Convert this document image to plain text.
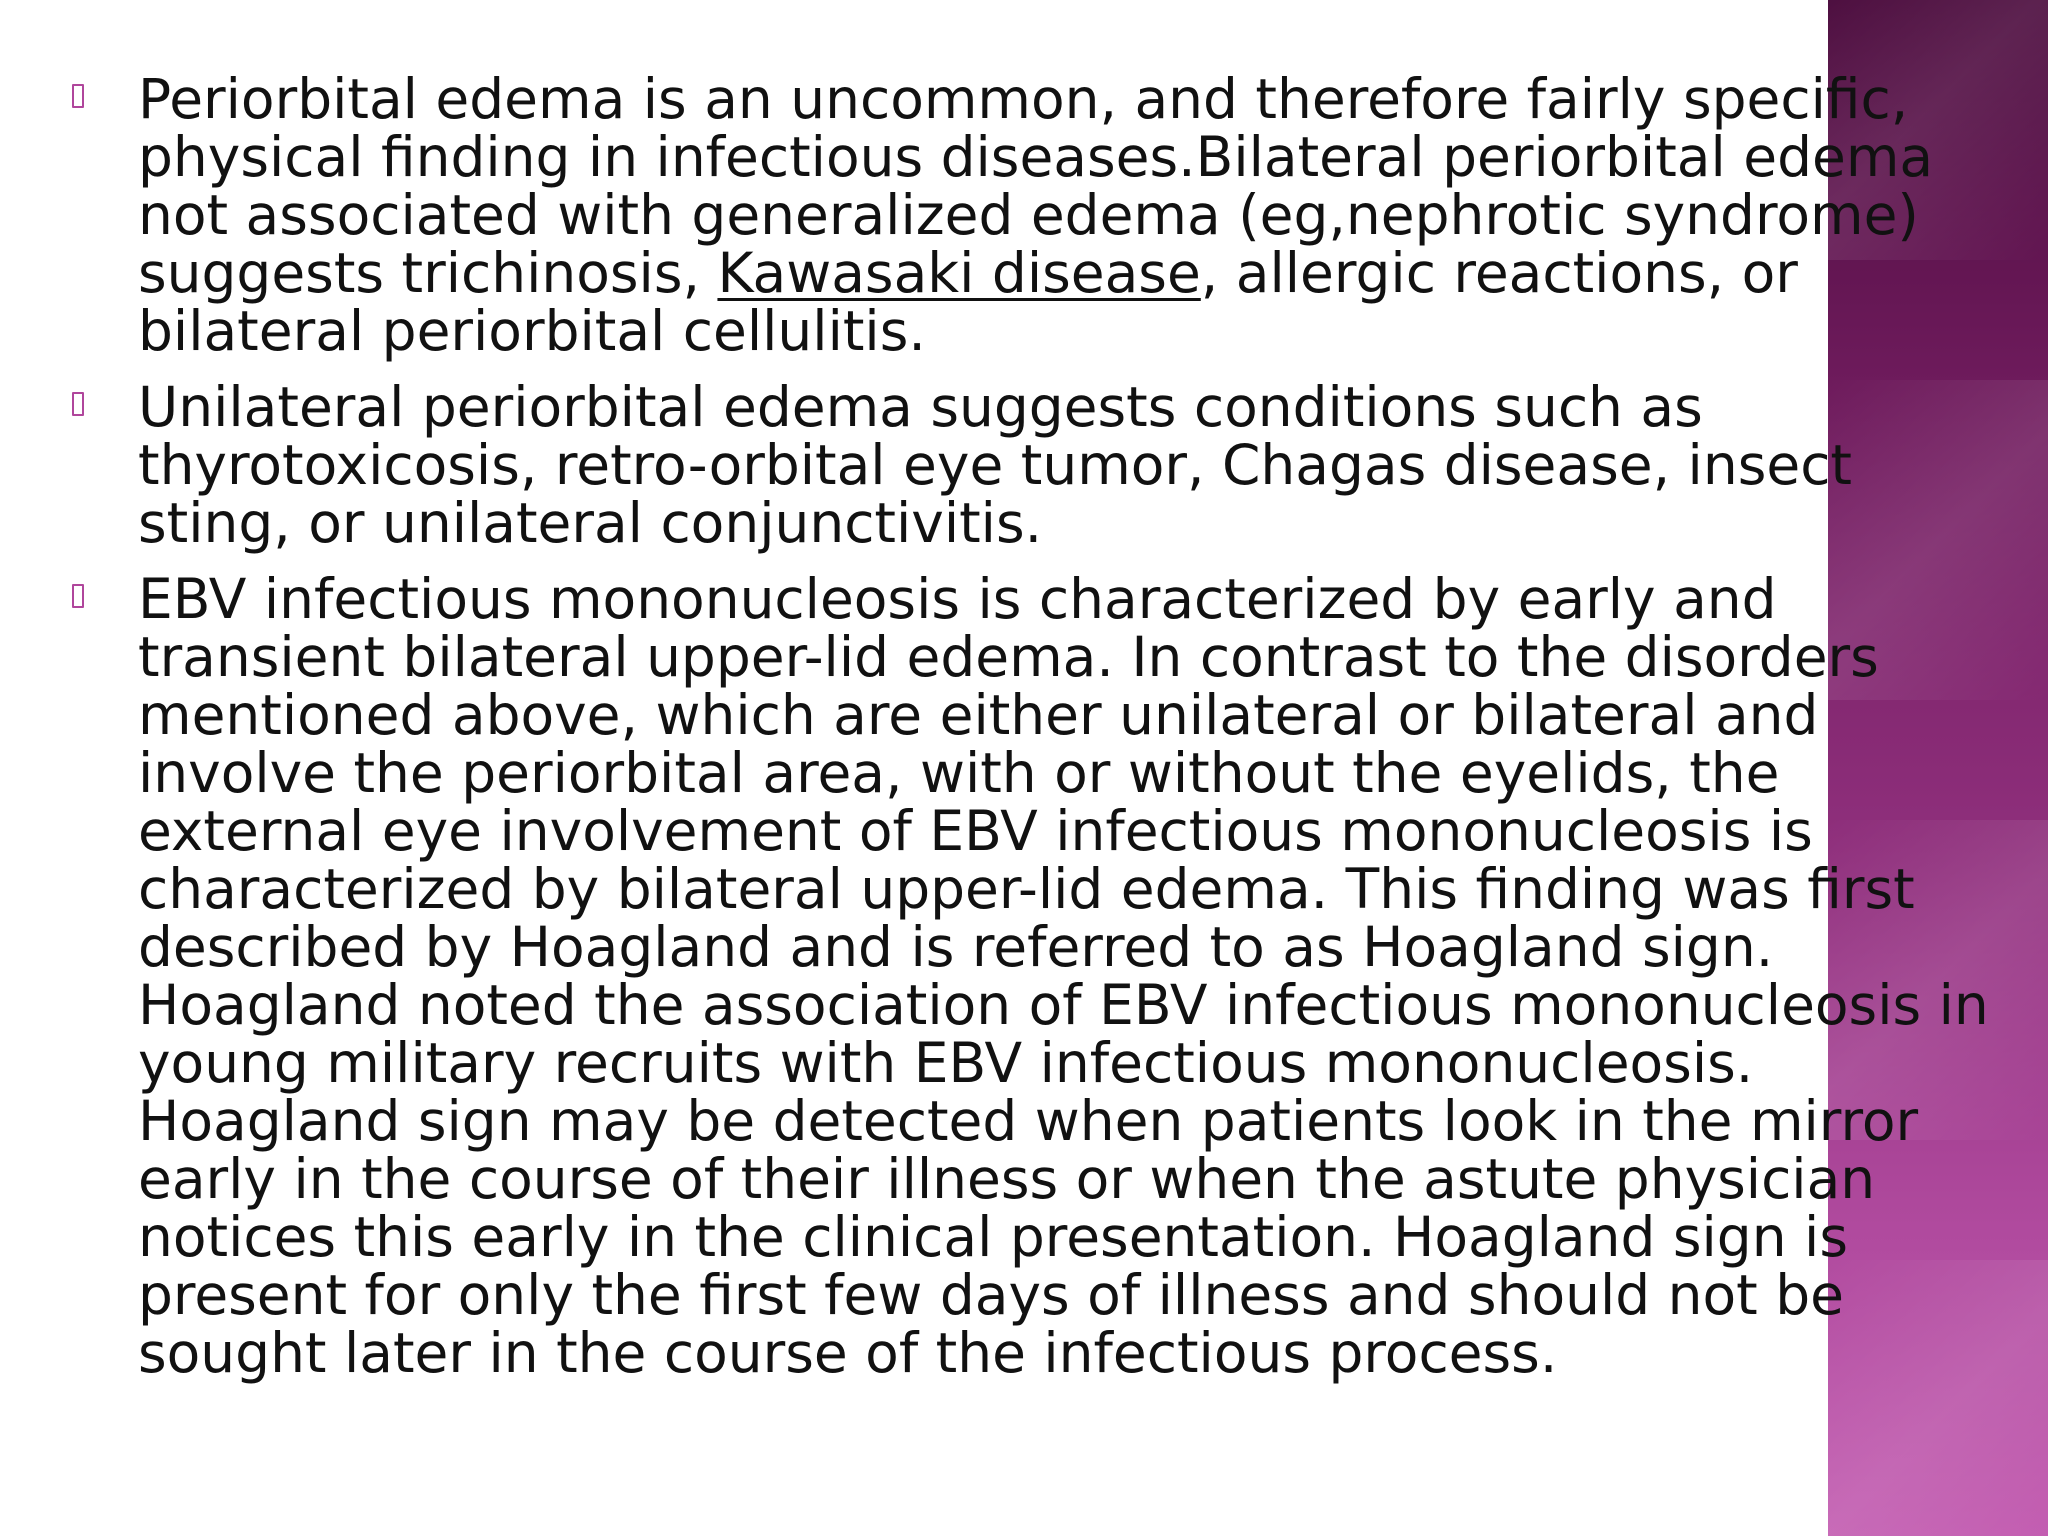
Periorbital edema is an uncommon, and therefore fairly specific, physical finding in infectious diseases.Bilateral periorbital edema not associated with generalized edema (eg,nephrotic syndrome) suggests trichinosis, Kawasaki disease, allergic reactions, or bilateral periorbital cellulitis.
Unilateral periorbital edema suggests conditions such as thyrotoxicosis, retro-orbital eye tumor, Chagas disease, insect sting, or unilateral conjunctivitis.
EBV infectious mononucleosis is characterized by early and transient bilateral upper-lid edema. In contrast to the disorders mentioned above, which are either unilateral or bilateral and involve the periorbital area, with or without the eyelids, the external eye involvement of EBV infectious mononucleosis is characterized by bilateral upper-lid edema. This finding was first described by Hoagland and is referred to as Hoagland sign. Hoagland noted the association of EBV infectious mononucleosis in young military recruits with EBV infectious mononucleosis. Hoagland sign may be detected when patients look in the mirror early in the course of their illness or when the astute physician notices this early in the clinical presentation. Hoagland sign is present for only the first few days of illness and should not be sought later in the course of the infectious process.
